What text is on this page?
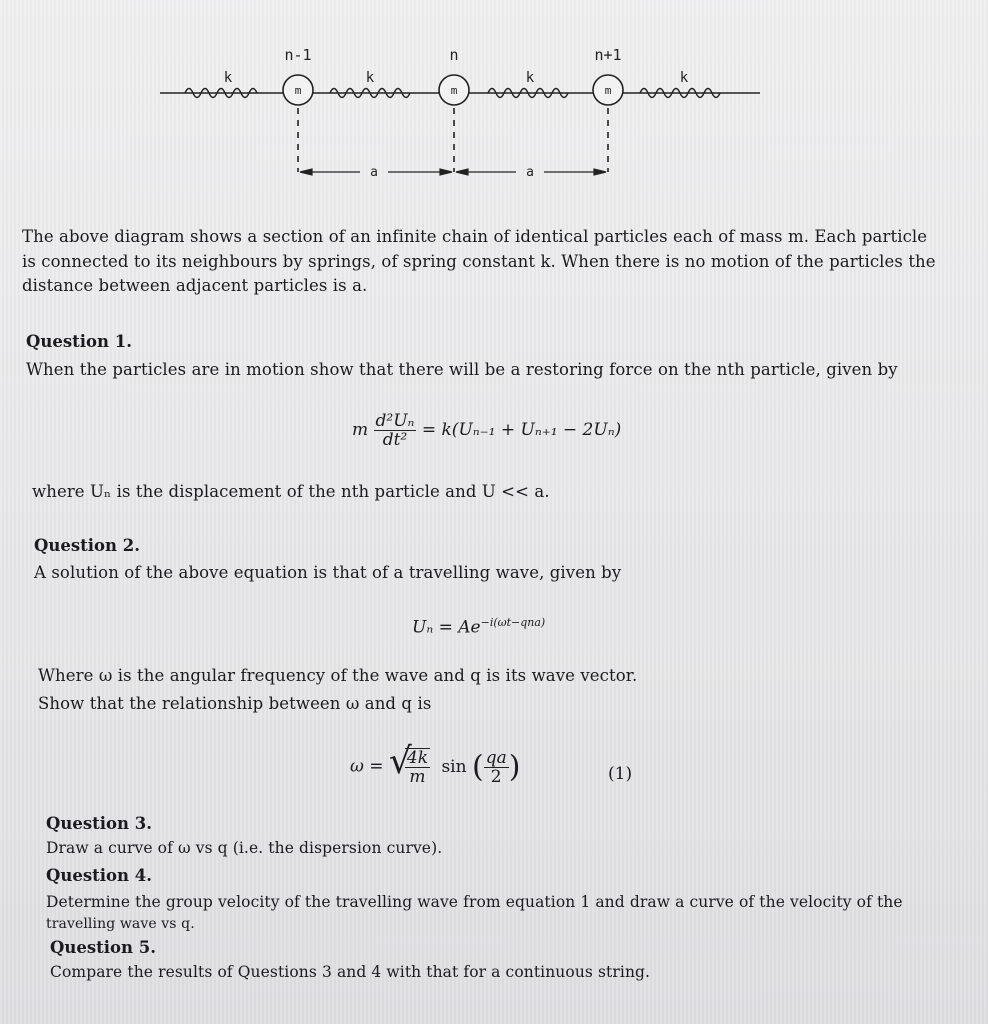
m	m	m
n-1	n	n+1
k	k	k	k
a	a

The above diagram shows a section of an infinite chain of identical particles each of mass m. Each particle

is connected to its neighbours by springs, of spring constant k. When there is no motion of the particles the

distance between adjacent particles is a.

Question 1.

When the particles are in motion show that there will be a restoring force on the nth particle, given by

m $\frac{\text{d²Uₙ}}{\text{dt²}} = k(U_{n-1} + U_{n+1} - 2U_n)$

where Uₙ is the displacement of the nth particle and U << a.

Question 2.

A solution of the above equation is that of a travelling wave, given by

$U_n = Ae^{-i(\omega t-qna)}$

Where ω is the angular frequency of the wave and q is its wave vector.

Show that the relationship between ω and q is

ω = √
$\frac{4k}{m}$ sin ( $\frac{qa}{2}$ )	(1)

Question 3.

Draw a curve of ω vs q (i.e. the dispersion curve).

Question 4.

Determine the group velocity of the travelling wave from equation 1 and draw a curve of the velocity of the

travelling wave vs q.

Question 5.

Compare the results of Questions 3 and 4 with that for a continuous string.
